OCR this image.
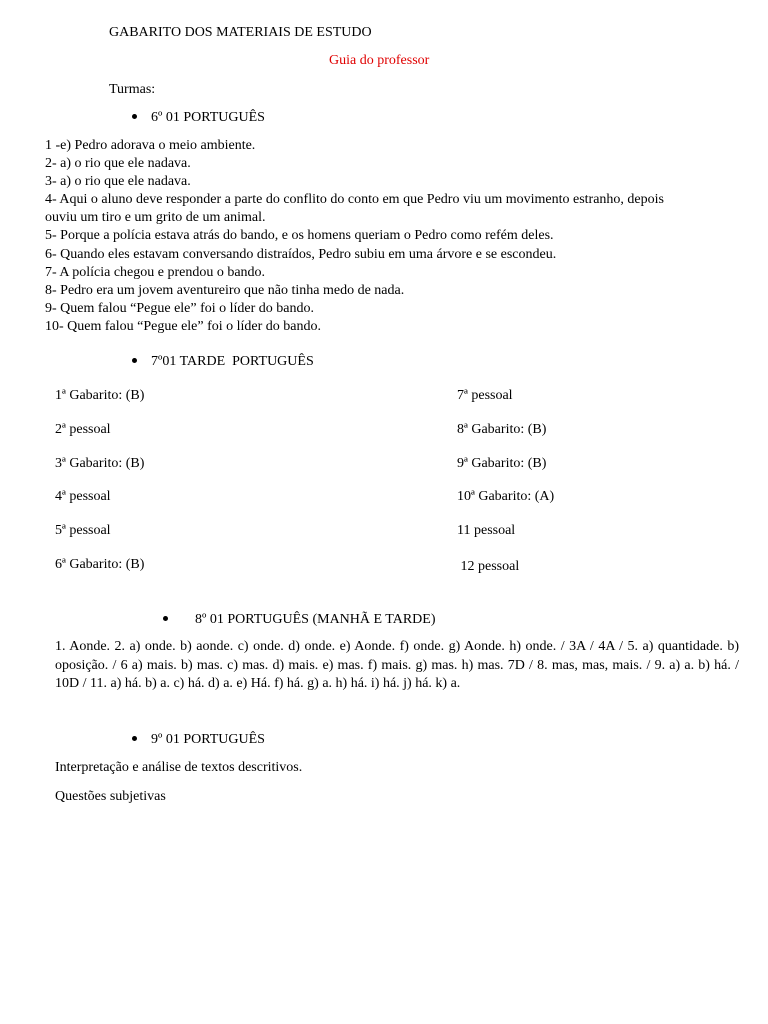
GABARITO DOS MATERIAIS DE ESTUDO
Guia do professor
Turmas:
6º 01 PORTUGUÊS
1 -e) Pedro adorava o meio ambiente.
2- a) o rio que ele nadava.
3- a) o rio que ele nadava.
4- Aqui o aluno deve responder a parte do conflito do conto em que Pedro viu um movimento estranho, depois
ouviu um tiro e um grito de um animal.
5- Porque a polícia estava atrás do bando, e os homens queriam o Pedro como refém deles.
6- Quando eles estavam conversando distraídos, Pedro subiu em uma árvore e se escondeu.
7- A polícia chegou e prendou o bando.
8- Pedro era um jovem aventureiro que não tinha medo de nada.
9- Quem falou “Pegue ele” foi o líder do bando.
10- Quem falou “Pegue ele” foi o líder do bando.
7º01 TARDE  PORTUGUÊS
1ª Gabarito: (B)
2ª pessoal
3ª Gabarito: (B)
4ª pessoal
5ª pessoal
6ª Gabarito: (B)
7ª pessoal
8ª Gabarito: (B)
9ª Gabarito: (B)
10ª Gabarito: (A)
11 pessoal
12 pessoal
8º 01 PORTUGUÊS (MANHÃ E TARDE)
1. Aonde. 2. a) onde. b) aonde. c) onde. d) onde. e) Aonde. f) onde. g) Aonde. h) onde. / 3A / 4A / 5. a) quantidade. b) oposição. / 6 a) mais. b) mas. c) mas. d) mais. e) mas. f) mais. g) mas. h) mas. 7D / 8. mas, mas, mais. / 9. a) a. b) há. / 10D / 11. a) há. b) a. c) há. d) a. e) Há. f) há. g) a. h) há. i) há. j) há. k) a.
9º 01 PORTUGUÊS
Interpretação e análise de textos descritivos.
Questões subjetivas
